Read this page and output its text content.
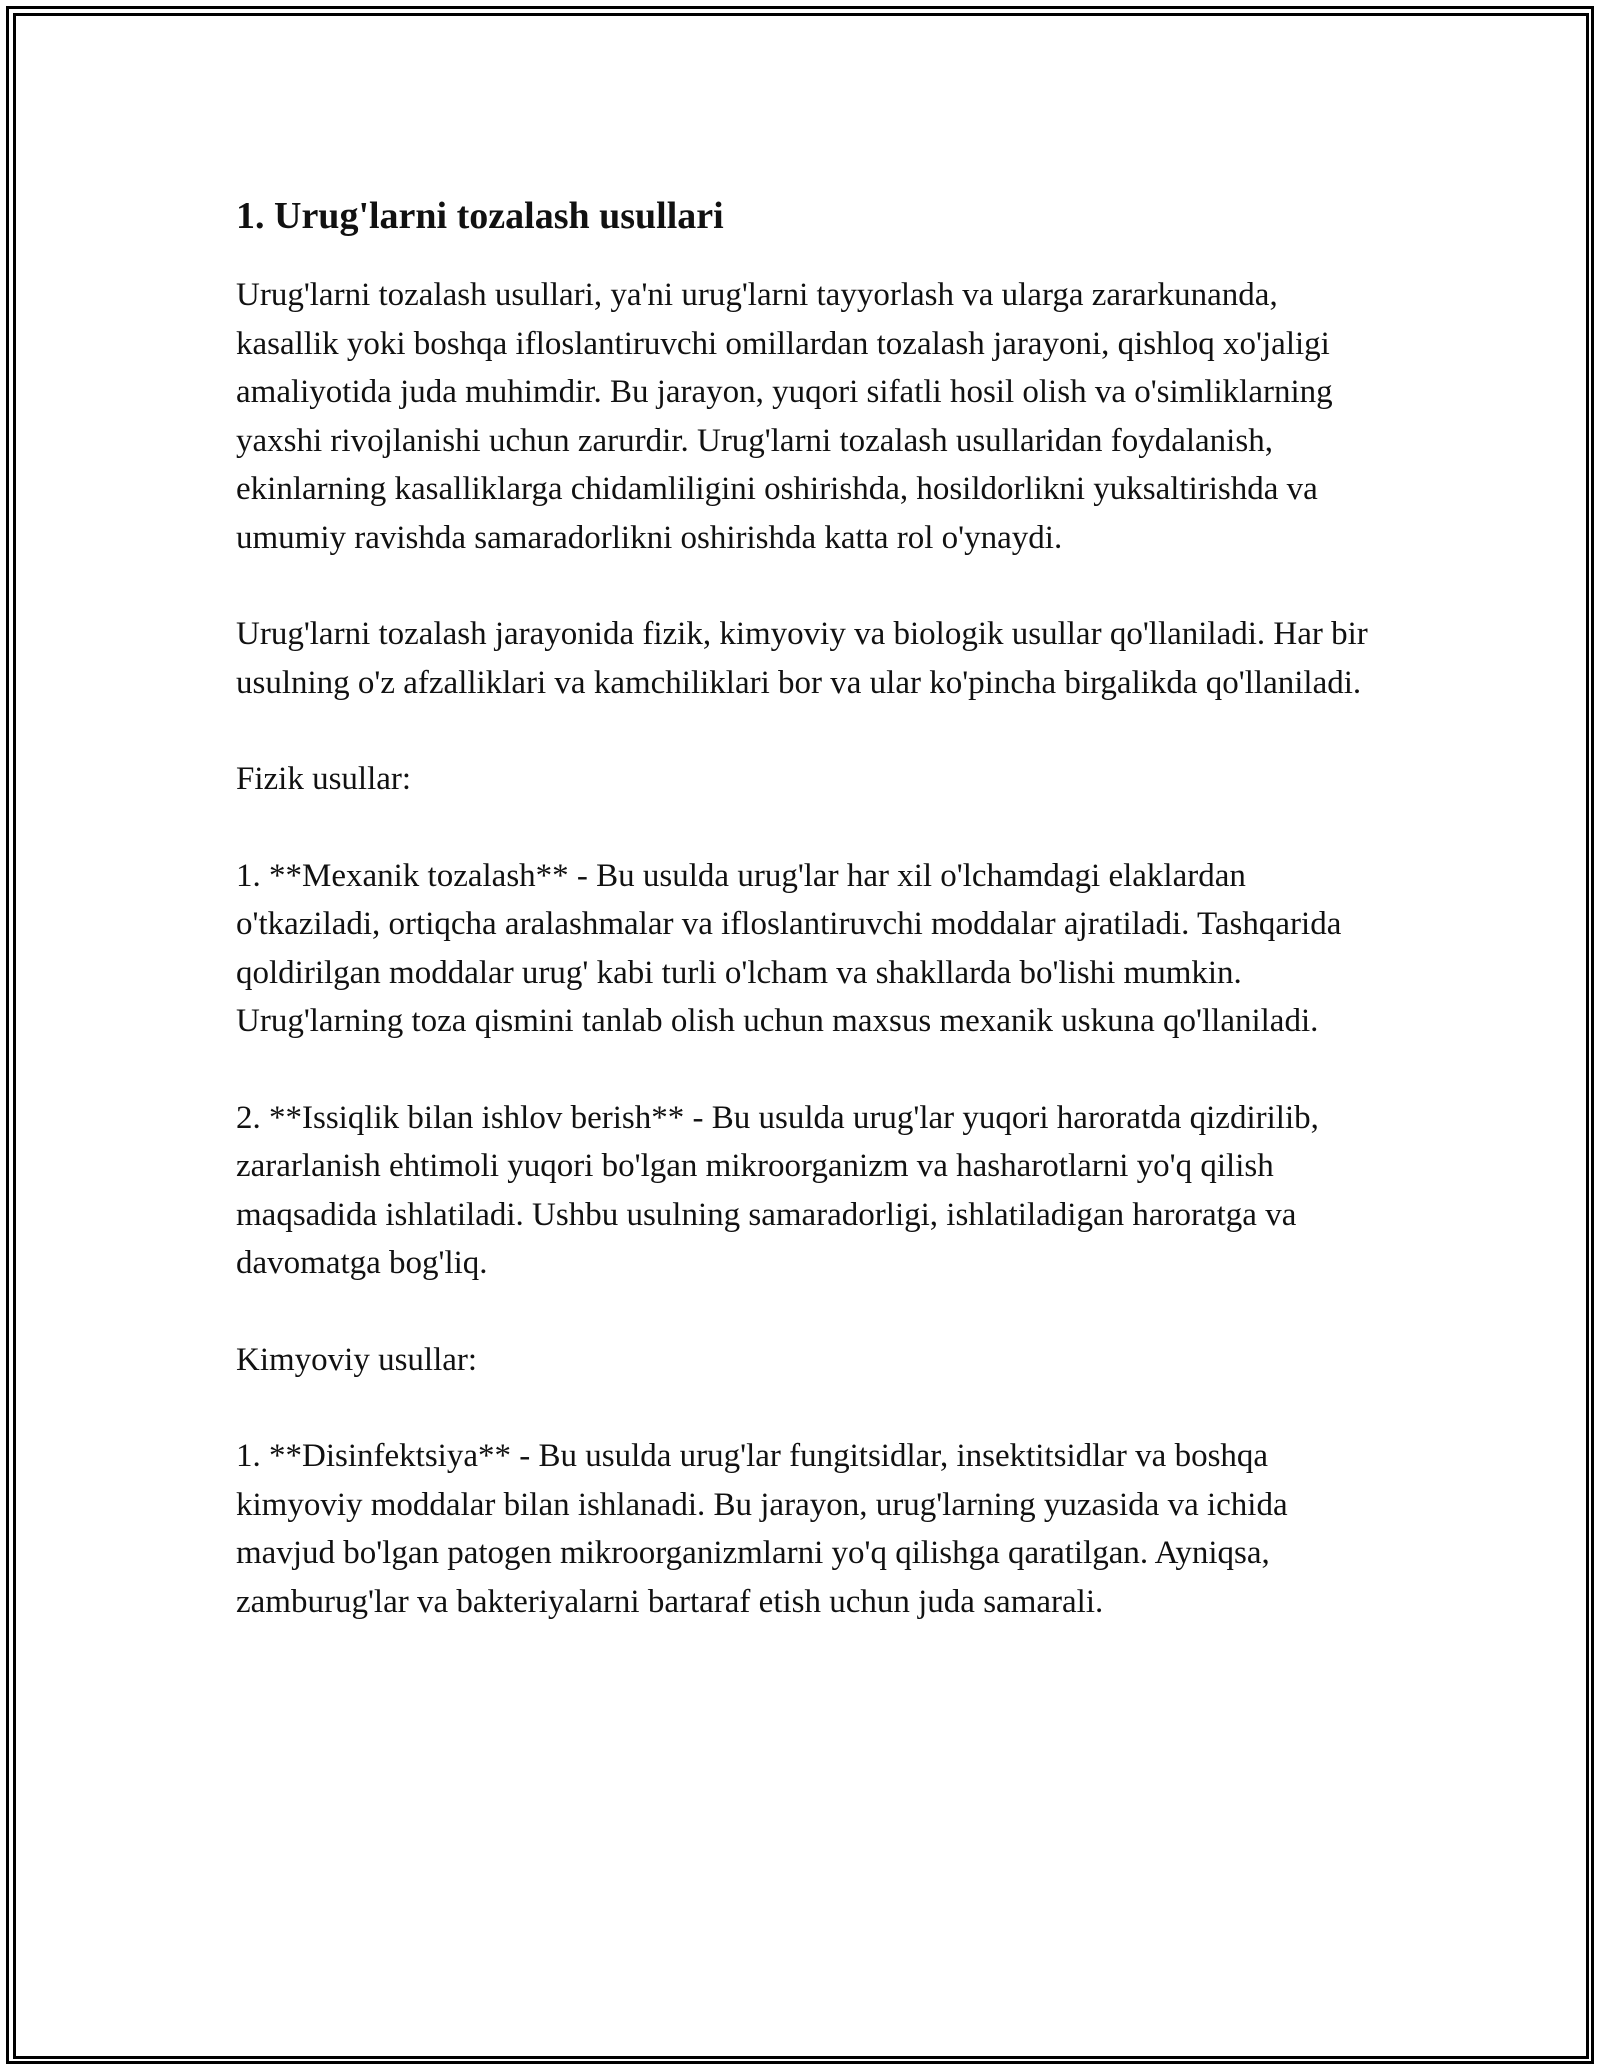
1. Urug'larni tozalash usullari

Urug'larni tozalash usullari, ya'ni urug'larni tayyorlash va ularga zararkunanda, kasallik yoki boshqa ifloslantiruvchi omillardan tozalash jarayoni, qishloq xo'jaligi amaliyotida juda muhimdir. Bu jarayon, yuqori sifatli hosil olish va o'simliklarning yaxshi rivojlanishi uchun zarurdir. Urug'larni tozalash usullaridan foydalanish, ekinlarning kasalliklarga chidamliligini oshirishda, hosildorlikni yuksaltirishda va umumiy ravishda samaradorlikni oshirishda katta rol o'ynaydi.

Urug'larni tozalash jarayonida fizik, kimyoviy va biologik usullar qo'llaniladi. Har bir usulning o'z afzalliklari va kamchiliklari bor va ular ko'pincha birgalikda qo'llaniladi.

Fizik usullar:

1. **Mexanik tozalash** - Bu usulda urug'lar har xil o'lchamdagi elaklardan o'tkaziladi, ortiqcha aralashmalar va ifloslantiruvchi moddalar ajratiladi. Tashqarida qoldirilgan moddalar urug' kabi turli o'lcham va shakllarda bo'lishi mumkin. Urug'larning toza qismini tanlab olish uchun maxsus mexanik uskuna qo'llaniladi.

2. **Issiqlik bilan ishlov berish** - Bu usulda urug'lar yuqori haroratda qizdirilib, zararlanish ehtimoli yuqori bo'lgan mikroorganizm va hasharotlarni yo'q qilish maqsadida ishlatiladi. Ushbu usulning samaradorligi, ishlatiladigan haroratga va davomatga bog'liq.

Kimyoviy usullar:

1. **Disinfektsiya** - Bu usulda urug'lar fungitsidlar, insektitsidlar va boshqa kimyoviy moddalar bilan ishlanadi. Bu jarayon, urug'larning yuzasida va ichida mavjud bo'lgan patogen mikroorganizmlarni yo'q qilishga qaratilgan. Ayniqsa, zamburug'lar va bakteriyalarni bartaraf etish uchun juda samarali.
